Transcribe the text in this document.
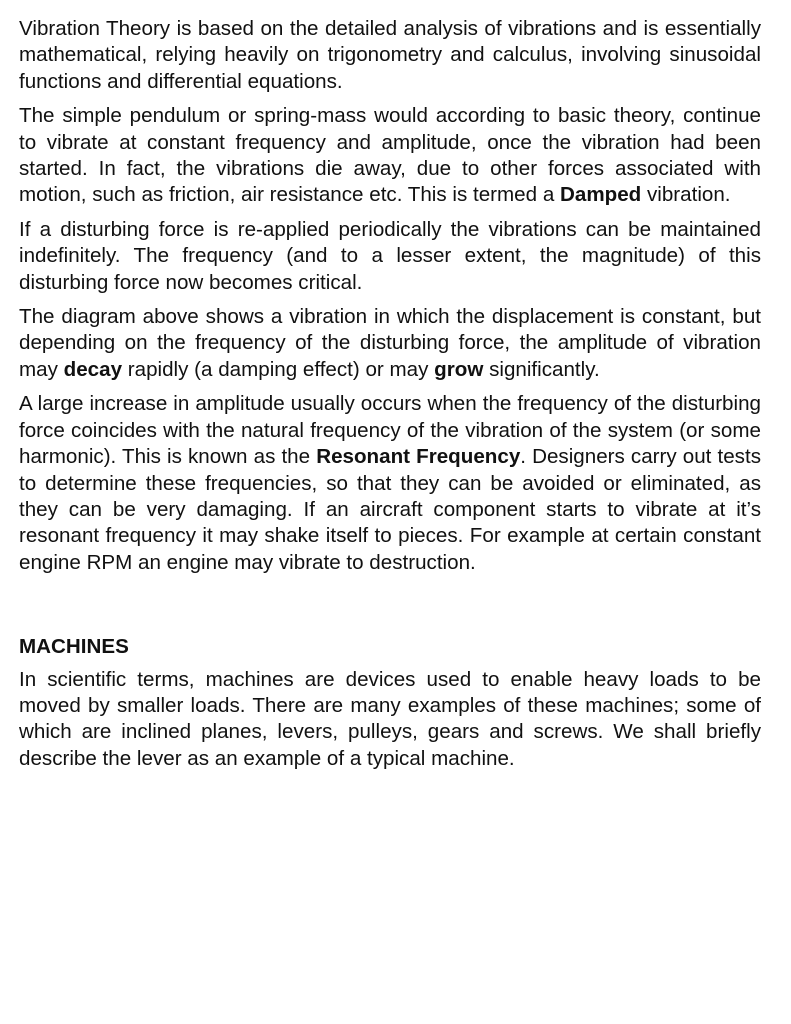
Vibration Theory is based on the detailed analysis of vibrations and is essentially mathematical, relying heavily on trigonometry and calculus, involving sinusoidal functions and differential equations.

The simple pendulum or spring-mass would according to basic theory, continue to vibrate at constant frequency and amplitude, once the vibration had been started. In fact, the vibrations die away, due to other forces associated with motion, such as friction, air resistance etc. This is termed a Damped vibration.

If a disturbing force is re-applied periodically the vibrations can be maintained indefinitely. The frequency (and to a lesser extent, the magnitude) of this disturbing force now becomes critical.

The diagram above shows a vibration in which the displacement is constant, but depending on the frequency of the disturbing force, the amplitude of vibration may decay rapidly (a damping effect) or may grow significantly.

A large increase in amplitude usually occurs when the frequency of the disturbing force coincides with the natural frequency of the vibration of the system (or some harmonic). This is known as the Resonant Frequency. Designers carry out tests to determine these frequencies, so that they can be avoided or eliminated, as they can be very damaging. If an aircraft component starts to vibrate at it’s resonant frequency it may shake itself to pieces. For example at certain constant engine RPM an engine may vibrate to destruction.

MACHINES

In scientific terms, machines are devices used to enable heavy loads to be moved by smaller loads. There are many examples of these machines; some of which are inclined planes, levers, pulleys, gears and screws. We shall briefly describe the lever as an example of a typical machine.
